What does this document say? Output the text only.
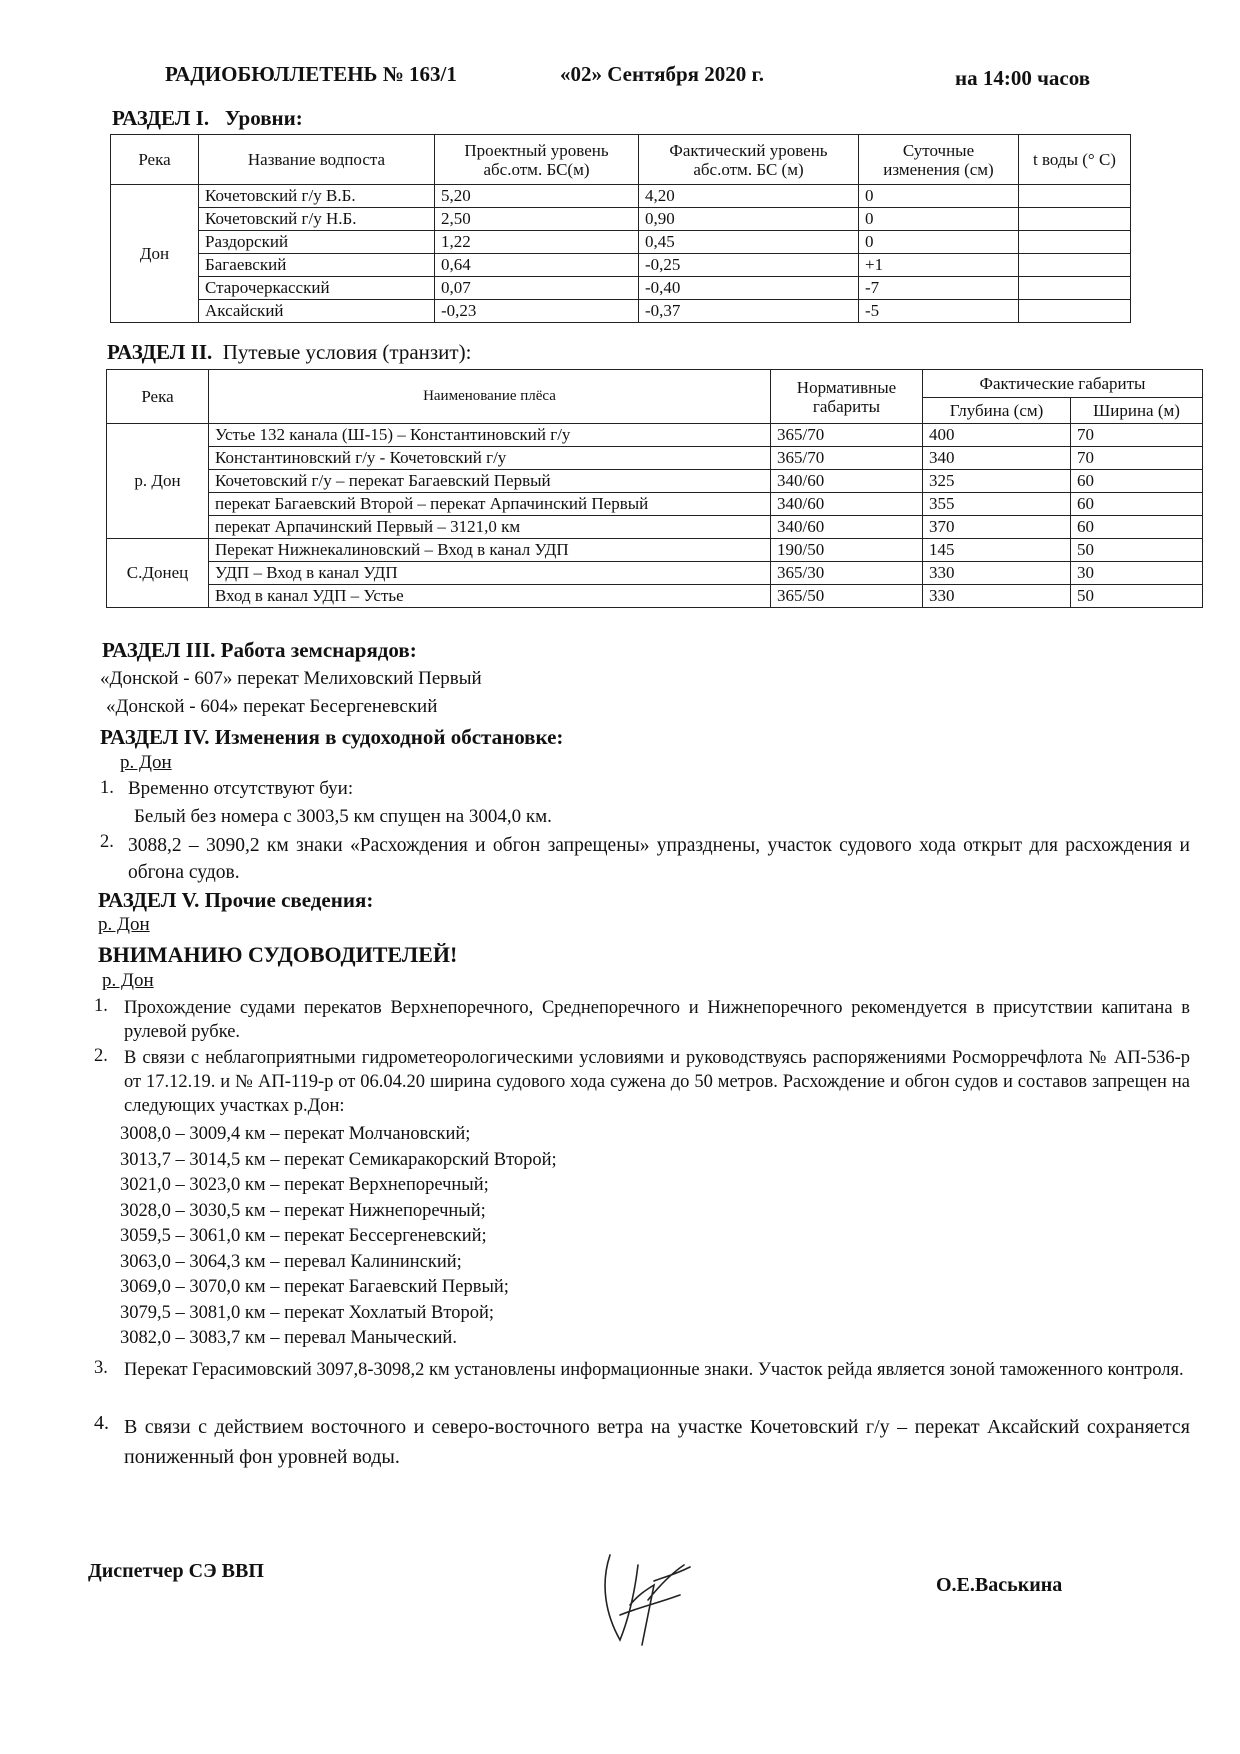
РАДИОБЮЛЛЕТЕНЬ № 163/1	«02» Сентября 2020 г.	на 14:00 часов
РАЗДЕЛ I. Уровни:
Река	Название водпоста	Проектный уровень абс.отм. БС(м)	Фактический уровень абс.отм. БС (м)	Суточные изменения (см)	t воды (° С)
Дон	Кочетовский г/у В.Б.	5,20	4,20	0	
	Кочетовский г/у Н.Б.	2,50	0,90	0	
	Раздорский	1,22	0,45	0	
	Багаевский	0,64	-0,25	+1	
	Старочеркасский	0,07	-0,40	-7	
	Аксайский	-0,23	-0,37	-5	
РАЗДЕЛ II. Путевые условия (транзит):
Река	Наименование плёса	Нормативные габариты	Фактические габариты	
			Глубина (см)	Ширина (м)
р. Дон	Устье 132 канала (Ш-15) – Константиновский г/у	365/70	400	70
	Константиновский г/у - Кочетовский г/у	365/70	340	70
	Кочетовский г/у – перекат Багаевский Первый	340/60	325	60
	перекат Багаевский Второй – перекат Арпачинский Первый	340/60	355	60
	перекат Арпачинский Первый – 3121,0 км	340/60	370	60
С.Донец	Перекат Нижнекалиновский – Вход в канал УДП	190/50	145	50
	УДП – Вход в канал УДП	365/30	330	30
	Вход в канал УДП – Устье	365/50	330	50
РАЗДЕЛ III. Работа земснарядов:
«Донской - 607» перекат Мелиховский Первый
«Донской - 604» перекат Бесергеневский
РАЗДЕЛ IV. Изменения в судоходной обстановке:
р. Дон
1. Временно отсутствуют буи:
Белый без номера с 3003,5 км спущен на 3004,0 км.
2. 3088,2 – 3090,2 км знаки «Расхождения и обгон запрещены» упразднены, участок судового хода открыт для расхождения и обгона судов.
РАЗДЕЛ V. Прочие сведения:
р. Дон
ВНИМАНИЮ СУДОВОДИТЕЛЕЙ!
р. Дон
1. Прохождение судами перекатов Верхнепоречного, Среднепоречного и Нижнепоречного рекомендуется в присутствии капитана в рулевой рубке.
2. В связи с неблагоприятными гидрометеорологическими условиями и руководствуясь распоряжениями Росморречфлота № АП-536-р от 17.12.19. и № АП-119-р от 06.04.20 ширина судового хода сужена до 50 метров. Расхождение и обгон судов и составов запрещен на следующих участках р.Дон:
3008,0 – 3009,4 км – перекат Молчановский;
3013,7 – 3014,5 км – перекат Семикаракорский Второй;
3021,0 – 3023,0 км – перекат Верхнепоречный;
3028,0 – 3030,5 км – перекат Нижнепоречный;
3059,5 – 3061,0 км – перекат Бессергеневский;
3063,0 – 3064,3 км – перевал Калининский;
3069,0 – 3070,0 км – перекат Багаевский Первый;
3079,5 – 3081,0 км – перекат Хохлатый Второй;
3082,0 – 3083,7 км – перевал Маныческий.
3. Перекат Герасимовский 3097,8-3098,2 км установлены информационные знаки. Участок рейда является зоной таможенного контроля.
4. В связи с действием восточного и северо-восточного ветра на участке Кочетовский г/у – перекат Аксайский сохраняется пониженный фон уровней воды.
Диспетчер СЭ ВВП
О.Е.Васькина
